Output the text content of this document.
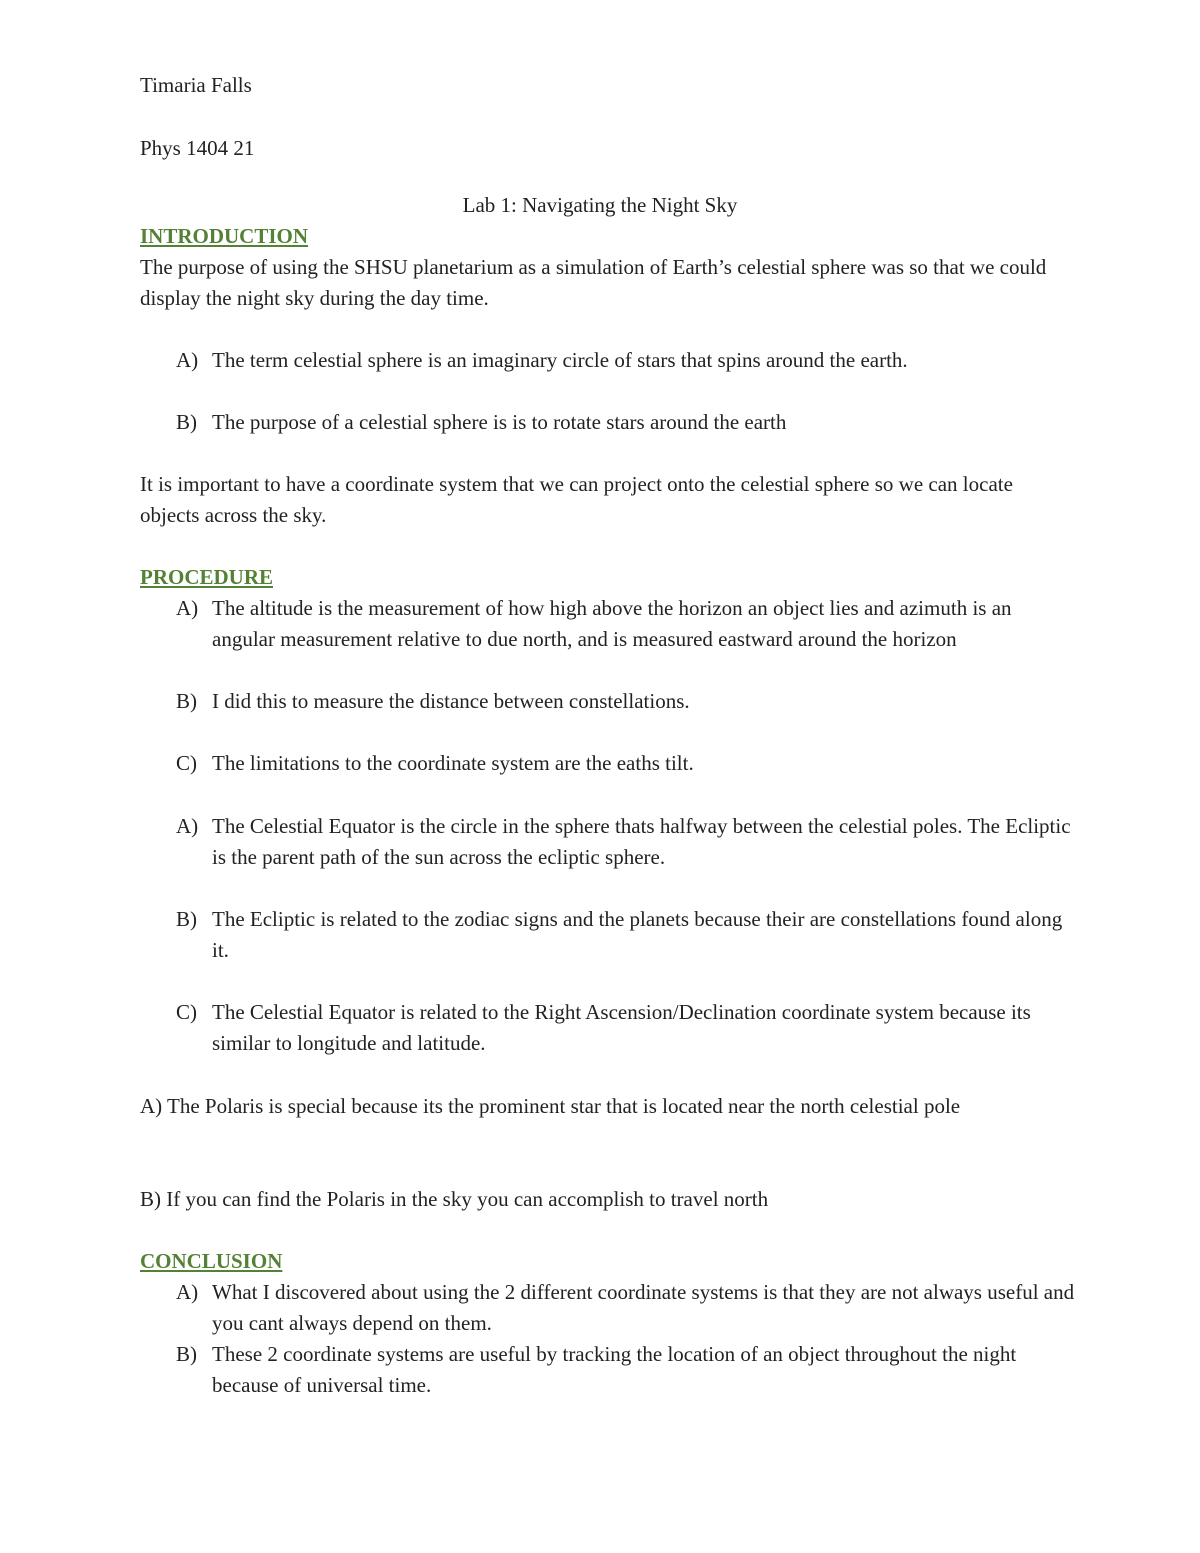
Timaria Falls
Phys 1404 21
Lab 1: Navigating the Night Sky
INTRODUCTION
The purpose of using the SHSU planetarium as a simulation of Earth’s celestial sphere was so that we could display the night sky during the day time.
A) The term celestial sphere is an imaginary circle of stars that spins around the earth.
B) The purpose of a celestial sphere is is to rotate stars around the earth
It is important to have a coordinate system that we can project onto the celestial sphere so we can locate objects across the sky.
PROCEDURE
A) The altitude is the measurement of how high above the horizon an object lies and azimuth is an angular measurement relative to due north, and is measured eastward around the horizon
B) I did this to measure the distance between constellations.
C) The limitations to the coordinate system are the eaths tilt.
A) The Celestial Equator is the circle in the sphere thats halfway between the celestial poles. The Ecliptic is the parent path of the sun across the ecliptic sphere.
B) The Ecliptic is related to the zodiac signs and the planets because their are constellations found along it.
C) The Celestial Equator is related to the Right Ascension/Declination coordinate system because its similar to longitude and latitude.
A) The Polaris is special because its the prominent star that is located near the north celestial pole
B) If you can find the Polaris in the sky you can accomplish to travel north
CONCLUSION
A) What I discovered about using the 2 different coordinate systems is that they are not always useful and you cant always depend on them.
B) These 2 coordinate systems are useful by tracking the location of an object throughout the night because of universal time.
